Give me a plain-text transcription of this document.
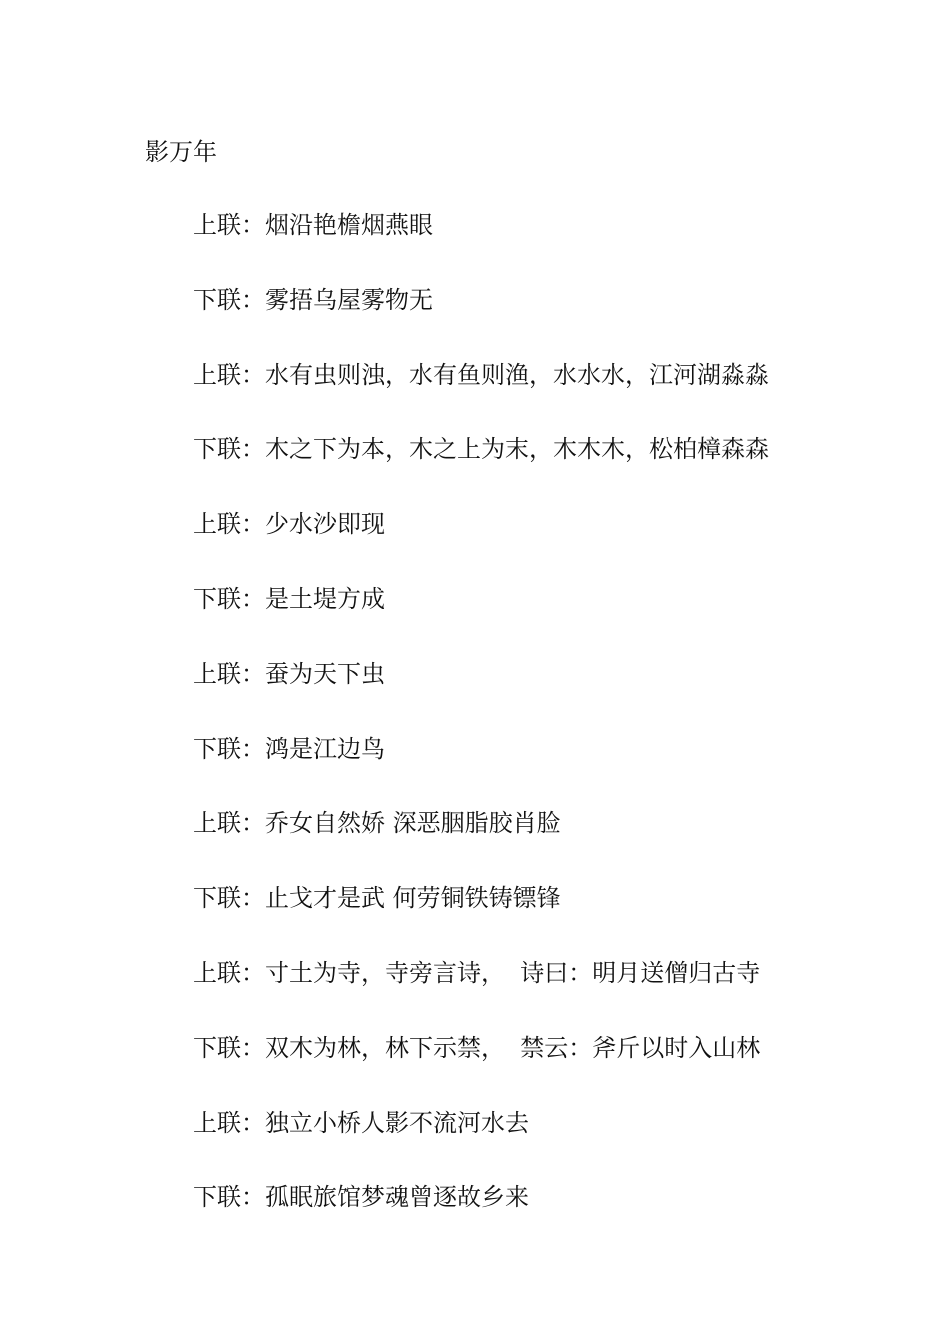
影万年
上联：烟沿艳檐烟燕眼
下联：雾捂乌屋雾物无
上联：水有虫则浊，水有鱼则渔，水水水，江河湖淼淼
下联：木之下为本，木之上为末，木木木，松柏樟森森
上联：少水沙即现
下联：是土堤方成
上联：蚕为天下虫
下联：鸿是江边鸟
上联：乔女自然娇 深恶胭脂胶肖脸
下联：止戈才是武 何劳铜铁铸镖锋
上联：寸土为寺，寺旁言诗，  诗曰：明月送僧归古寺
下联：双木为林，林下示禁，  禁云：斧斤以时入山林
上联：独立小桥人影不流河水去
下联：孤眠旅馆梦魂曾逐故乡来
